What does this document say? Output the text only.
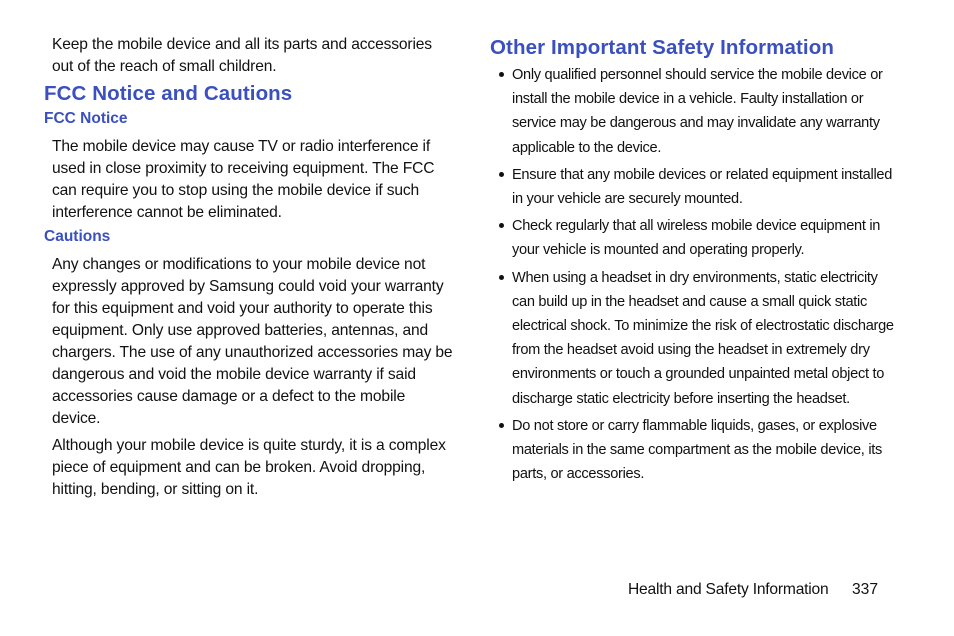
Keep the mobile device and all its parts and accessories out of the reach of small children.

FCC Notice and Cautions
FCC Notice

The mobile device may cause TV or radio interference if used in close proximity to receiving equipment. The FCC can require you to stop using the mobile device if such interference cannot be eliminated.

Cautions

Any changes or modifications to your mobile device not expressly approved by Samsung could void your warranty for this equipment and void your authority to operate this equipment. Only use approved batteries, antennas, and chargers. The use of any unauthorized accessories may be dangerous and void the mobile device warranty if said accessories cause damage or a defect to the mobile device.

Although your mobile device is quite sturdy, it is a complex piece of equipment and can be broken. Avoid dropping, hitting, bending, or sitting on it.

Other Important Safety Information
Only qualified personnel should service the mobile device or install the mobile device in a vehicle. Faulty installation or service may be dangerous and may invalidate any warranty applicable to the device.
Ensure that any mobile devices or related equipment installed in your vehicle are securely mounted.
Check regularly that all wireless mobile device equipment in your vehicle is mounted and operating properly.
When using a headset in dry environments, static electricity can build up in the headset and cause a small quick static electrical shock. To minimize the risk of electrostatic discharge from the headset avoid using the headset in extremely dry environments or touch a grounded unpainted metal object to discharge static electricity before inserting the headset.
Do not store or carry flammable liquids, gases, or explosive materials in the same compartment as the mobile device, its parts, or accessories.
Health and Safety Information 337
